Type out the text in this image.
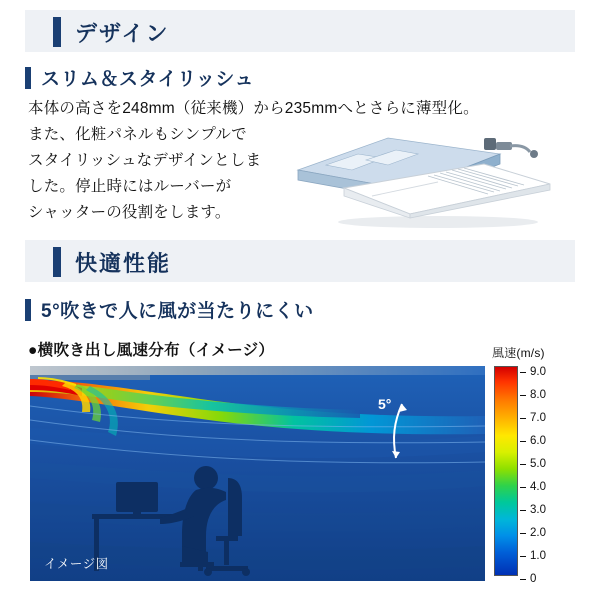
デザイン
スリム＆スタイリッシュ
本体の高さを248mm（従来機）から235mmへとさらに薄型化。
また、化粧パネルもシンプルで
スタイリッシュなデザインとしま
した。停止時にはルーバーが
シャッターの役割をします。
快適性能
5°吹きで人に風が当たりにくい
●横吹き出し風速分布（イメージ）
イメージ図
5°
風速(m/s)
9.0
8.0
7.0
6.0
5.0
4.0
3.0
2.0
1.0
0
